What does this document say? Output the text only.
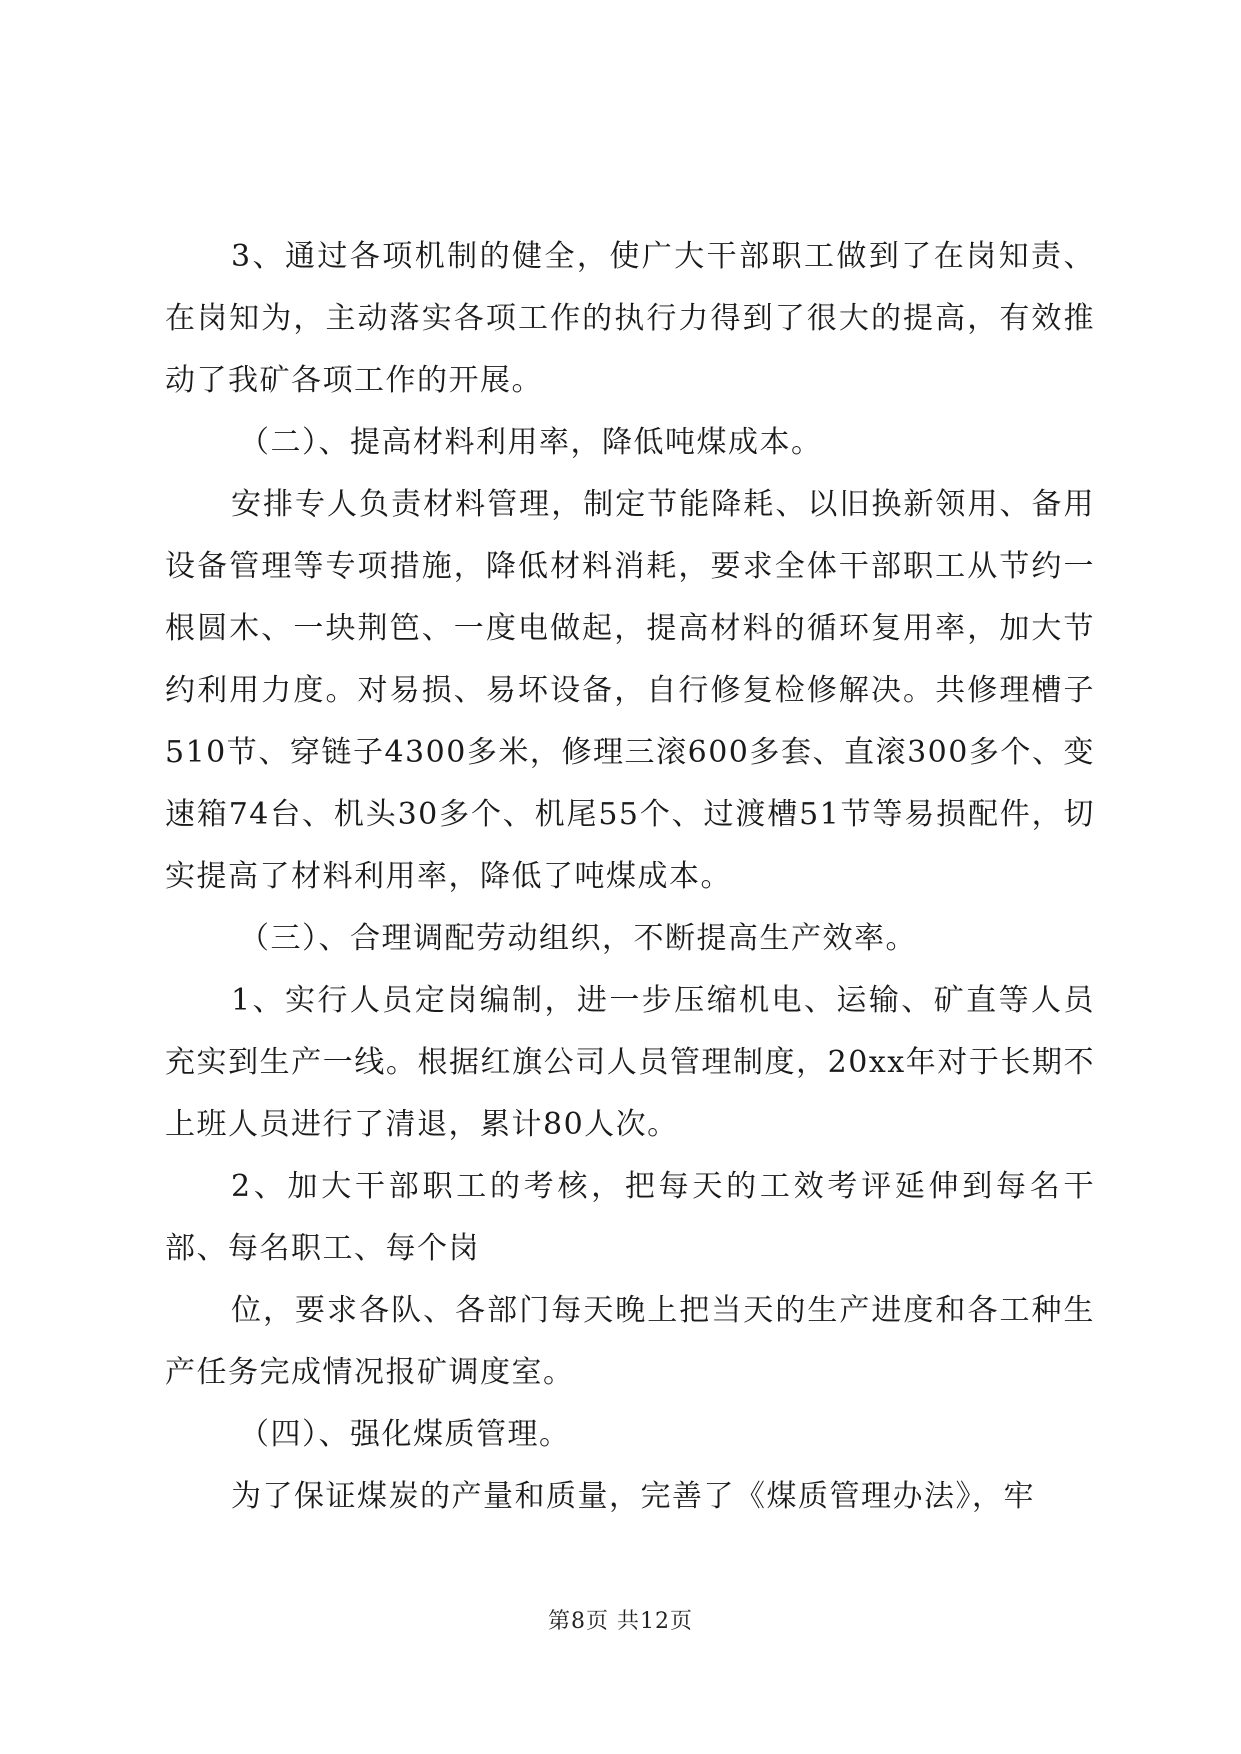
3、通过各项机制的健全，使广大干部职工做到了在岗知责、在岗知为，主动落实各项工作的执行力得到了很大的提高，有效推动了我矿各项工作的开展。

（二）、提高材料利用率，降低吨煤成本。

安排专人负责材料管理，制定节能降耗、以旧换新领用、备用设备管理等专项措施，降低材料消耗，要求全体干部职工从节约一根圆木、一块荆笆、一度电做起，提高材料的循环复用率，加大节约利用力度。对易损、易坏设备，自行修复检修解决。共修理槽子510节、穿链子4300多米，修理三滚600多套、直滚300多个、变速箱74台、机头30多个、机尾55个、过渡槽51节等易损配件，切实提高了材料利用率，降低了吨煤成本。

（三）、合理调配劳动组织，不断提高生产效率。

1、实行人员定岗编制，进一步压缩机电、运输、矿直等人员充实到生产一线。根据红旗公司人员管理制度，20xx年对于长期不上班人员进行了清退，累计80人次。

2、加大干部职工的考核，把每天的工效考评延伸到每名干部、每名职工、每个岗

位，要求各队、各部门每天晚上把当天的生产进度和各工种生产任务完成情况报矿调度室。

（四）、强化煤质管理。

为了保证煤炭的产量和质量，完善了《煤质管理办法》，牢

第8页 共12页
